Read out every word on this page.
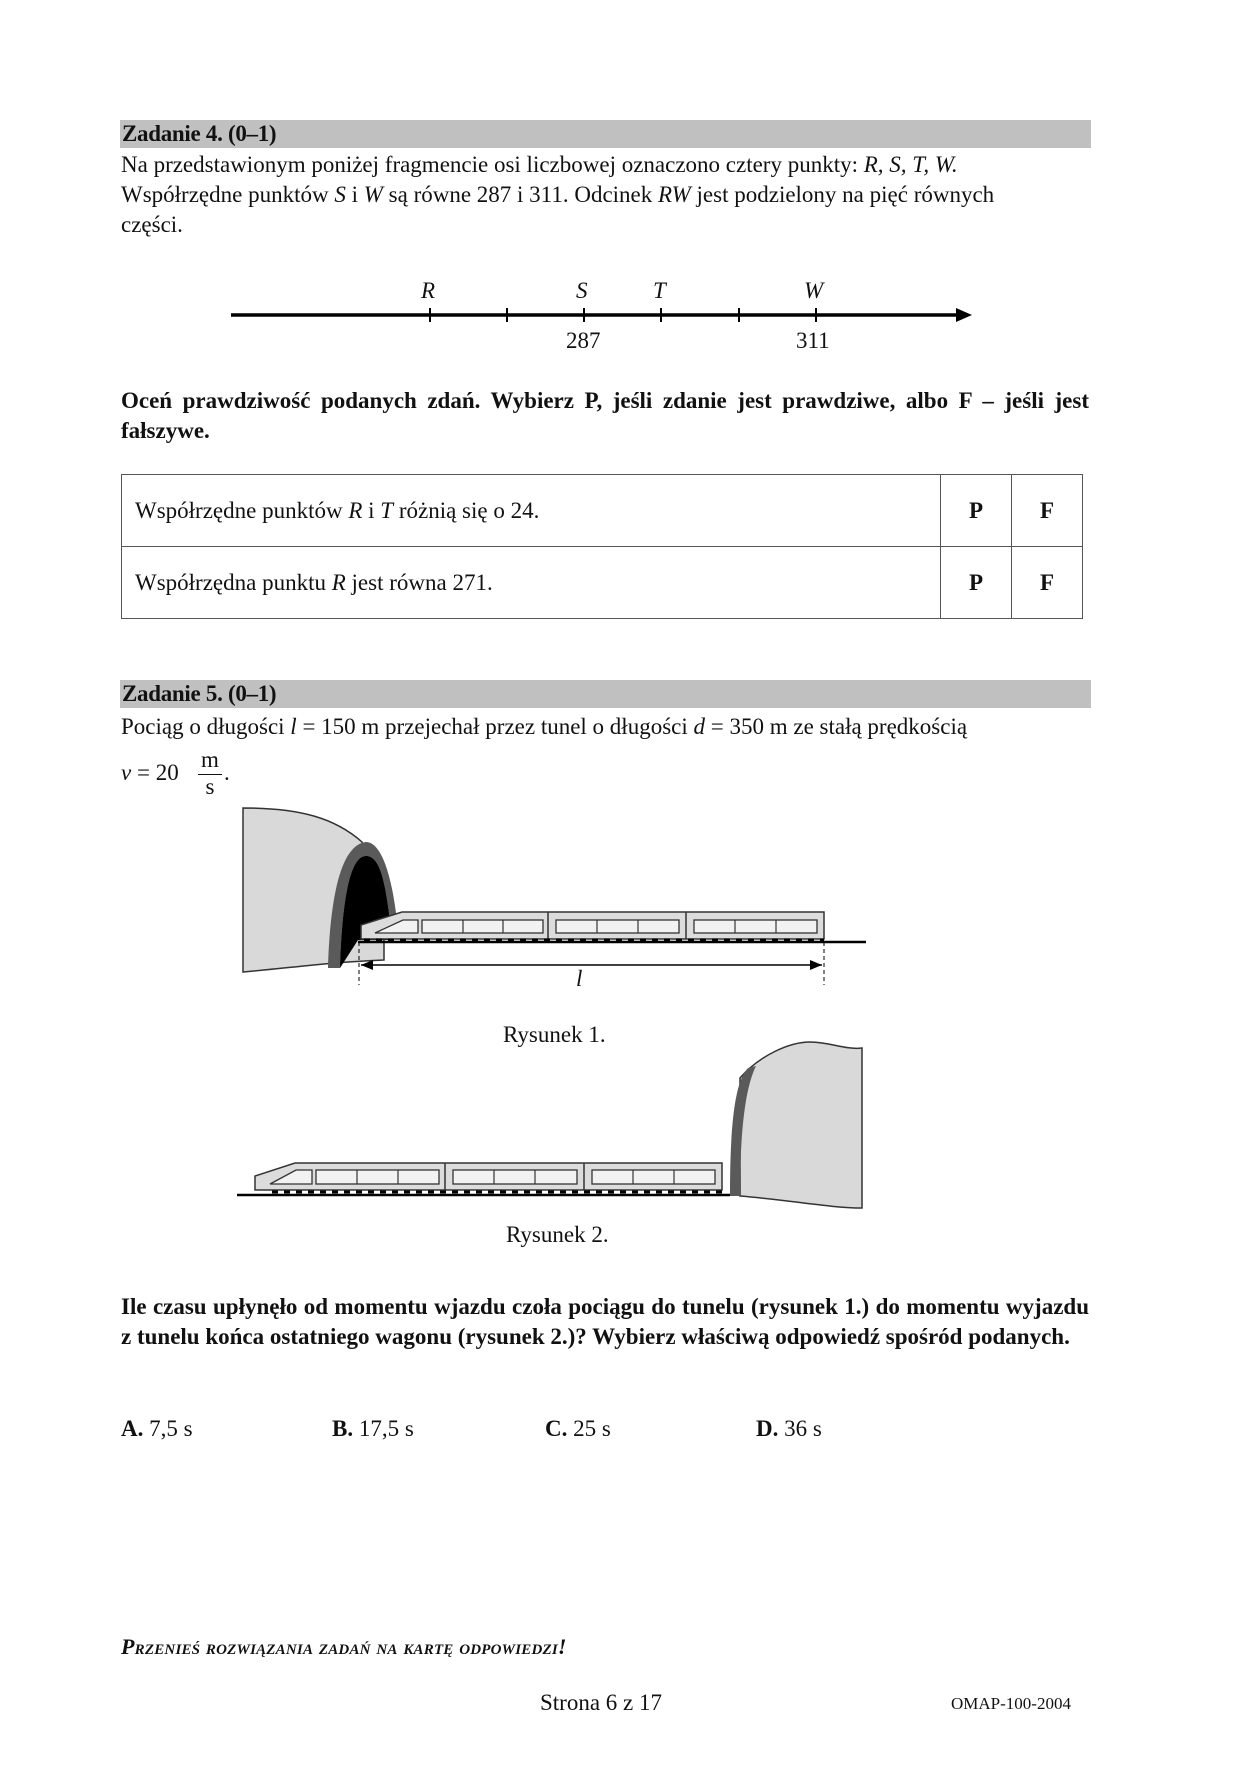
Zadanie 4. (0–1)
Na przedstawionym poniżej fragmencie osi liczbowej oznaczono cztery punkty: R, S, T, W.
Współrzędne punktów S i W są równe 287 i 311. Odcinek RW jest podzielony na pięć równych
części.
R	S	T	W
287	311
Oceń prawdziwość podanych zdań. Wybierz P, jeśli zdanie jest prawdziwe, albo F – jeśli jest fałszywe.
Współrzędne punktów R i T różnią się o 24.	P	F
Współrzędna punktu R jest równa 271.	P	F
Zadanie 5. (0–1)
Pociąg o długości l = 150 m przejechał przez tunel o długości d = 350 m ze stałą prędkością
v = 20
m
s
.
l
Rysunek 1.
Rysunek 2.
Ile czasu upłynęło od momentu wjazdu czoła pociągu do tunelu (rysunek 1.) do momentu wyjazdu z tunelu końca ostatniego wagonu (rysunek 2.)? Wybierz właściwą odpowiedź spośród podanych.
A. 7,5 s	B. 17,5 s	C. 25 s	D. 36 s
Przenieś rozwiązania zadań na kartę odpowiedzi!
Strona 6 z 17	OMAP-100-2004
